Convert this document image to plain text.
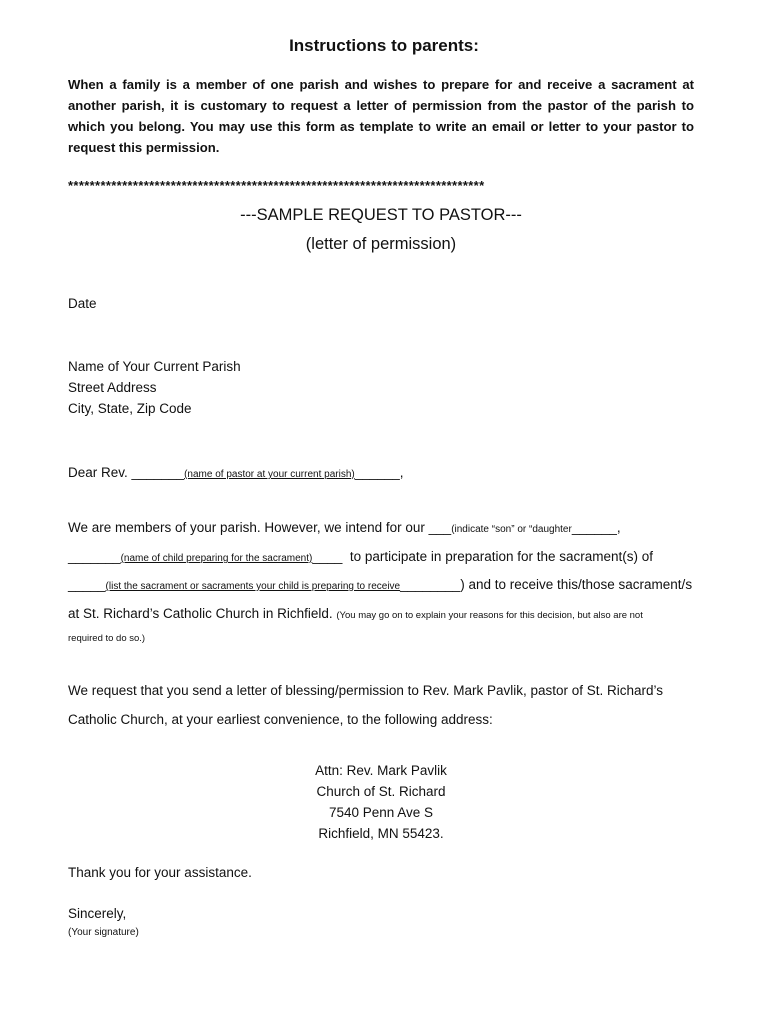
Instructions to parents:
When a family is a member of one parish and wishes to prepare for and receive a sacrament at another parish, it is customary to request a letter of permission from the pastor of the parish to which you belong. You may use this form as template to write an email or letter to your pastor to request this permission.
*****************************************************************************
---SAMPLE REQUEST TO PASTOR---
(letter of permission)
Date
Name of Your Current Parish
Street Address
City, State, Zip Code
Dear Rev. _______(name of pastor at your current parish)______,
We are members of your parish. However, we intend for our ___(indicate “son” or “daughter______,
_______(name of child preparing for the sacrament)____ to participate in preparation for the sacrament(s) of
_____(list the sacrament or sacraments your child is preparing to receive________) and to receive this/those sacrament/s
at St. Richard’s Catholic Church in Richfield. (You may go on to explain your reasons for this decision, but also are not
required to do so.)
We request that you send a letter of blessing/permission to Rev. Mark Pavlik, pastor of St. Richard’s
Catholic Church, at your earliest convenience, to the following address:
Attn: Rev. Mark Pavlik
Church of St. Richard
7540 Penn Ave S
Richfield, MN 55423.
Thank you for your assistance.
Sincerely,
(Your signature)
